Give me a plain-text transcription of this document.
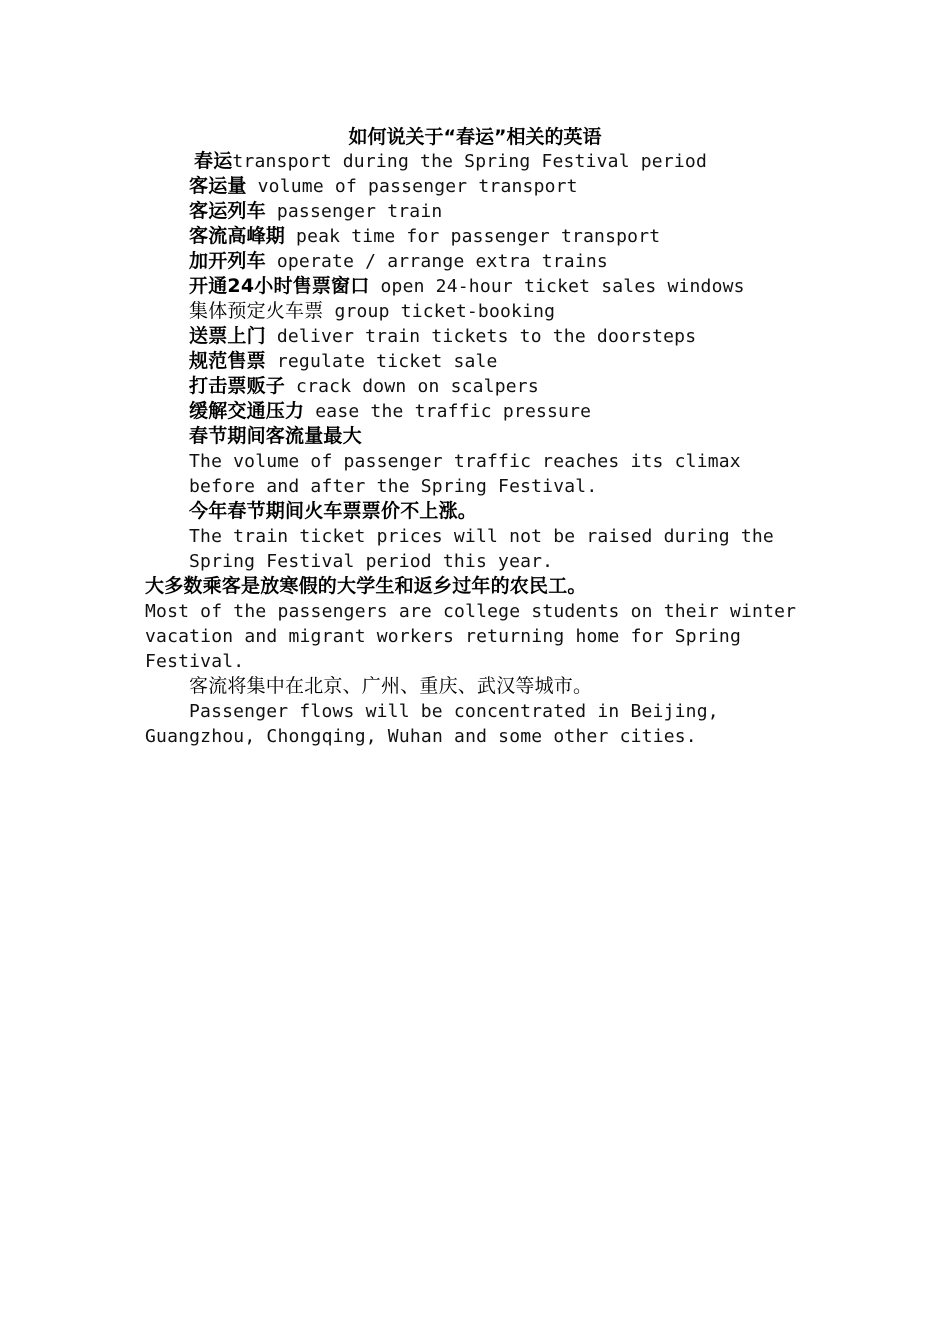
如何说关于“春运”相关的英语
春运transport during the Spring Festival period
客运量 volume of passenger transport
客运列车 passenger train
客流高峰期 peak time for passenger transport
加开列车 operate / arrange extra trains
开通24小时售票窗口 open 24-hour ticket sales windows
集体预定火车票 group ticket-booking
送票上门 deliver train tickets to the doorsteps
规范售票 regulate ticket sale
打击票贩子 crack down on scalpers
缓解交通压力 ease the traffic pressure
春节期间客流量最大
The volume of passenger traffic reaches its climax
before and after the Spring Festival.
今年春节期间火车票票价不上涨。
The train ticket prices will not be raised during the
Spring Festival period this year.
大多数乘客是放寒假的大学生和返乡过年的农民工。
Most of the passengers are college students on their winter
vacation and migrant workers returning home for Spring
Festival.
客流将集中在北京、广州、重庆、武汉等城市。
Passenger flows will be concentrated in Beijing,
Guangzhou, Chongqing, Wuhan and some other cities.
